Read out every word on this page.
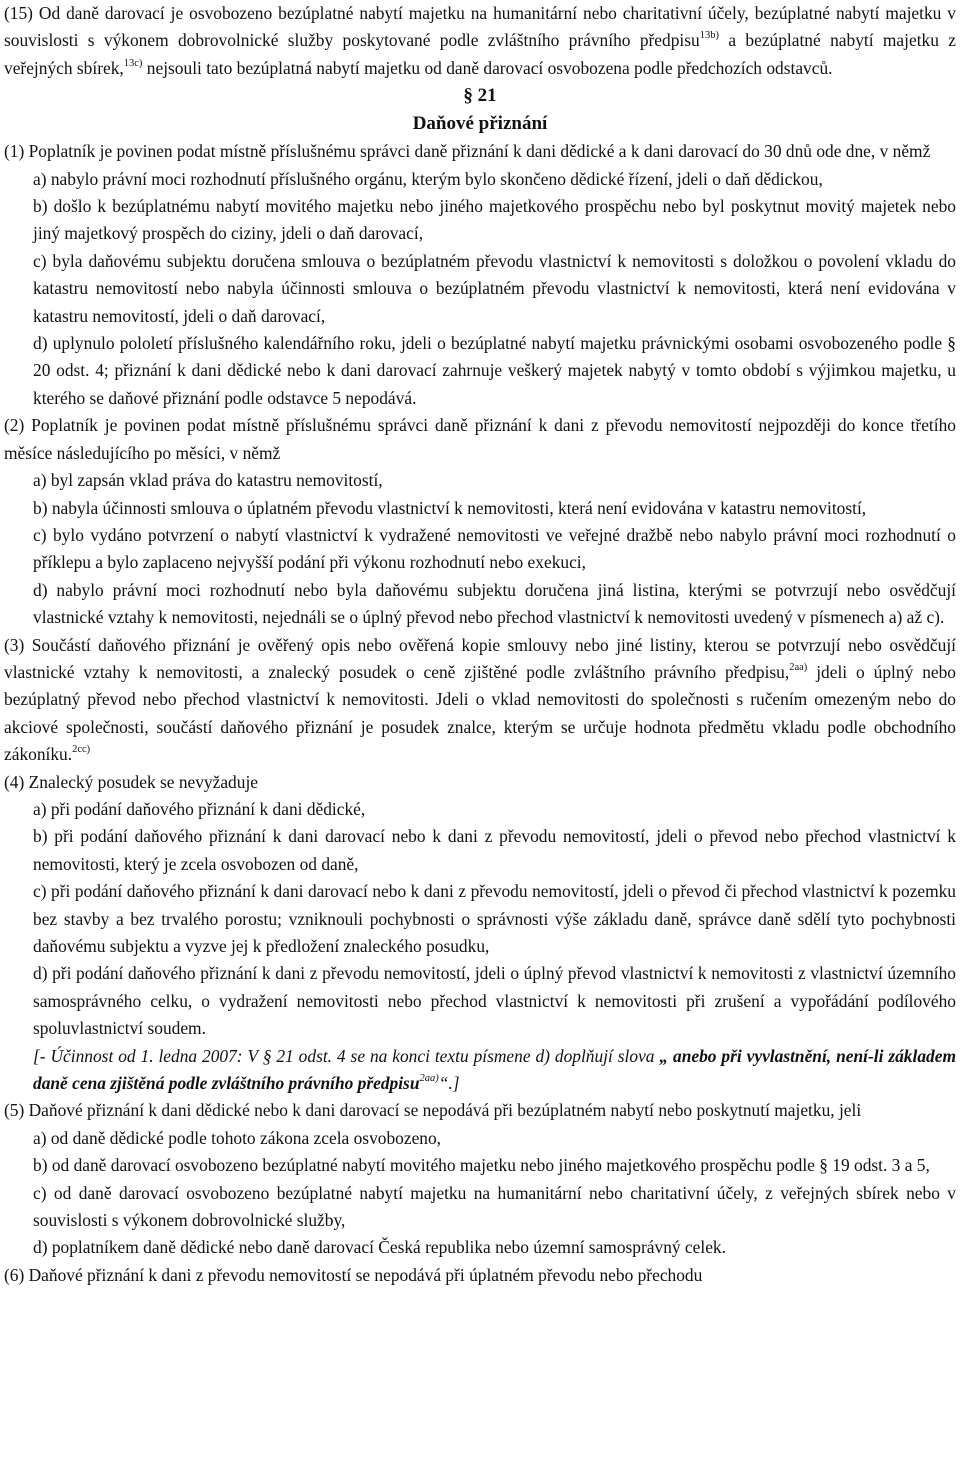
(15) Od daně darovací je osvobozeno bezúplatné nabytí majetku na humanitární nebo charitativní účely, bezúplatné nabytí majetku v souvislosti s výkonem dobrovolnické služby poskytované podle zvláštního právního předpisu$^{13b)}$ a bezúplatné nabytí majetku z veřejných sbírek,$^{13c)}$ nejsouli tato bezúplatná nabytí majetku od daně darovací osvobozena podle předchozích odstavců.

§ 21

Daňové přiznání

(1) Poplatník je povinen podat místně příslušnému správci daně přiznání k dani dědické a k dani darovací do 30 dnů ode dne, v němž

a) nabylo právní moci rozhodnutí příslušného orgánu, kterým bylo skončeno dědické řízení, jdeli o daň dědickou,

b) došlo k bezúplatnému nabytí movitého majetku nebo jiného majetkového prospěchu nebo byl poskytnut movitý majetek nebo jiný majetkový prospěch do ciziny, jdeli o daň darovací,

c) byla daňovému subjektu doručena smlouva o bezúplatném převodu vlastnictví k nemovitosti s doložkou o povolení vkladu do katastru nemovitostí nebo nabyla účinnosti smlouva o bezúplatném převodu vlastnictví k nemovitosti, která není evidována v katastru nemovitostí, jdeli o daň darovací,

d) uplynulo pololetí příslušného kalendářního roku, jdeli o bezúplatné nabytí majetku právnickými osobami osvobozeného podle § 20 odst. 4; přiznání k dani dědické nebo k dani darovací zahrnuje veškerý majetek nabytý v tomto období s výjimkou majetku, u kterého se daňové přiznání podle odstavce 5 nepodává.

(2) Poplatník je povinen podat místně příslušnému správci daně přiznání k dani z převodu nemovitostí nejpozději do konce třetího měsíce následujícího po měsíci, v němž

a) byl zapsán vklad práva do katastru nemovitostí,

b) nabyla účinnosti smlouva o úplatném převodu vlastnictví k nemovitosti, která není evidována v katastru nemovitostí,

c) bylo vydáno potvrzení o nabytí vlastnictví k vydražené nemovitosti ve veřejné dražbě nebo nabylo právní moci rozhodnutí o příklepu a bylo zaplaceno nejvyšší podání při výkonu rozhodnutí nebo exekuci,

d) nabylo právní moci rozhodnutí nebo byla daňovému subjektu doručena jiná listina, kterými se potvrzují nebo osvědčují vlastnické vztahy k nemovitosti, nejednáli se o úplný převod nebo přechod vlastnictví k nemovitosti uvedený v písmenech a) až c).

(3) Součástí daňového přiznání je ověřený opis nebo ověřená kopie smlouvy nebo jiné listiny, kterou se potvrzují nebo osvědčují vlastnické vztahy k nemovitosti, a znalecký posudek o ceně zjištěné podle zvláštního právního předpisu,$^{2aa)}$ jdeli o úplný nebo bezúplatný převod nebo přechod vlastnictví k nemovitosti. Jdeli o vklad nemovitosti do společnosti s ručením omezeným nebo do akciové společnosti, součástí daňového přiznání je posudek znalce, kterým se určuje hodnota předmětu vkladu podle obchodního zákoníku.$^{2cc)}$

(4) Znalecký posudek se nevyžaduje

a) při podání daňového přiznání k dani dědické,

b) při podání daňového přiznání k dani darovací nebo k dani z převodu nemovitostí, jdeli o převod nebo přechod vlastnictví k nemovitosti, který je zcela osvobozen od daně,

c) při podání daňového přiznání k dani darovací nebo k dani z převodu nemovitostí, jdeli o převod či přechod vlastnictví k pozemku bez stavby a bez trvalého porostu; vzniknouli pochybnosti o správnosti výše základu daně, správce daně sdělí tyto pochybnosti daňovému subjektu a vyzve jej k předložení znaleckého posudku,

d) při podání daňového přiznání k dani z převodu nemovitostí, jdeli o úplný převod vlastnictví k nemovitosti z vlastnictví územního samosprávného celku, o vydražení nemovitosti nebo přechod vlastnictví k nemovitosti při zrušení a vypořádání podílového spoluvlastnictví soudem.

[- Účinnost od 1. ledna 2007: V § 21 odst. 4 se na konci textu písmene d) doplňují slova „ anebo při vyvlastnění, není-li základem daně cena zjištěná podle zvláštního právního předpisu$^{2aa)}$“.]

(5) Daňové přiznání k dani dědické nebo k dani darovací se nepodává při bezúplatném nabytí nebo poskytnutí majetku, jeli

a) od daně dědické podle tohoto zákona zcela osvobozeno,

b) od daně darovací osvobozeno bezúplatné nabytí movitého majetku nebo jiného majetkového prospěchu podle § 19 odst. 3 a 5,

c) od daně darovací osvobozeno bezúplatné nabytí majetku na humanitární nebo charitativní účely, z veřejných sbírek nebo v souvislosti s výkonem dobrovolnické služby,

d) poplatníkem daně dědické nebo daně darovací Česká republika nebo územní samosprávný celek.

(6) Daňové přiznání k dani z převodu nemovitostí se nepodává při úplatném převodu nebo přechodu
